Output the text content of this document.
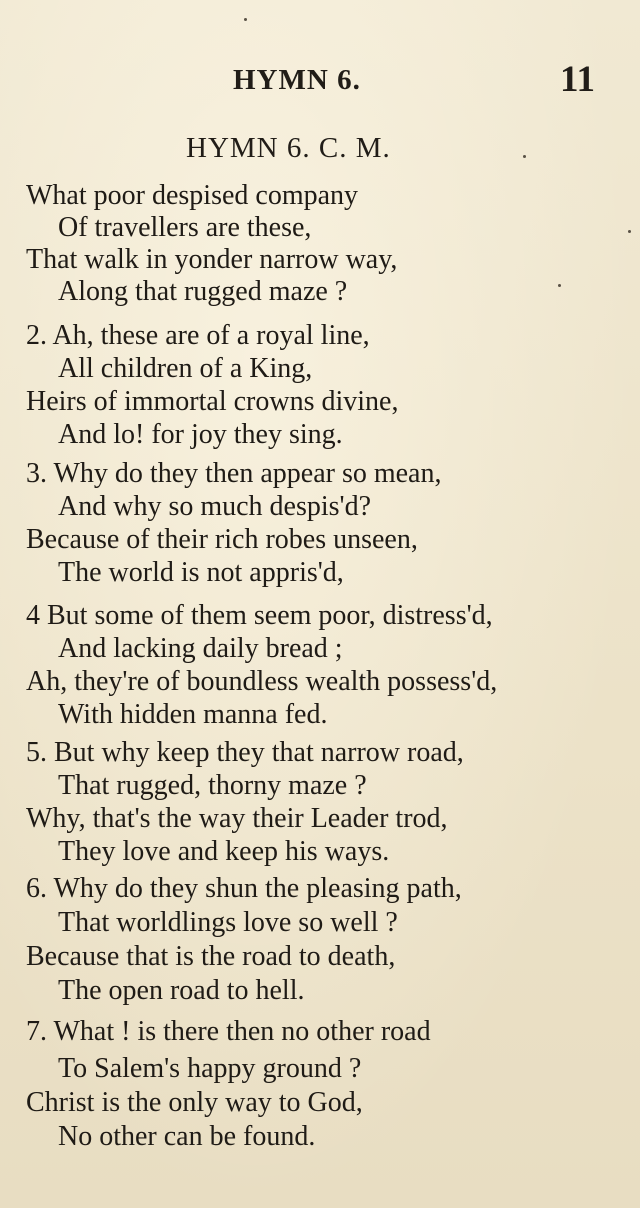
HYMN 6.	11
HYMN 6. C. M.
What poor despised company
Of travellers are these,
That walk in yonder narrow way,
Along that rugged maze ?
2. Ah, these are of a royal line,
All children of a King,
Heirs of immortal crowns divine,
And lo! for joy they sing.
3. Why do they then appear so mean,
And why so much despis'd?
Because of their rich robes unseen,
The world is not appris'd,
4 But some of them seem poor, distress'd,
And lacking daily bread ;
Ah, they're of boundless wealth possess'd,
With hidden manna fed.
5. But why keep they that narrow road,
That rugged, thorny maze ?
Why, that's the way their Leader trod,
They love and keep his ways.
6. Why do they shun the pleasing path,
That worldlings love so well ?
Because that is the road to death,
The open road to hell.
7. What ! is there then no other road
To Salem's happy ground ?
Christ is the only way to God,
No other can be found.
